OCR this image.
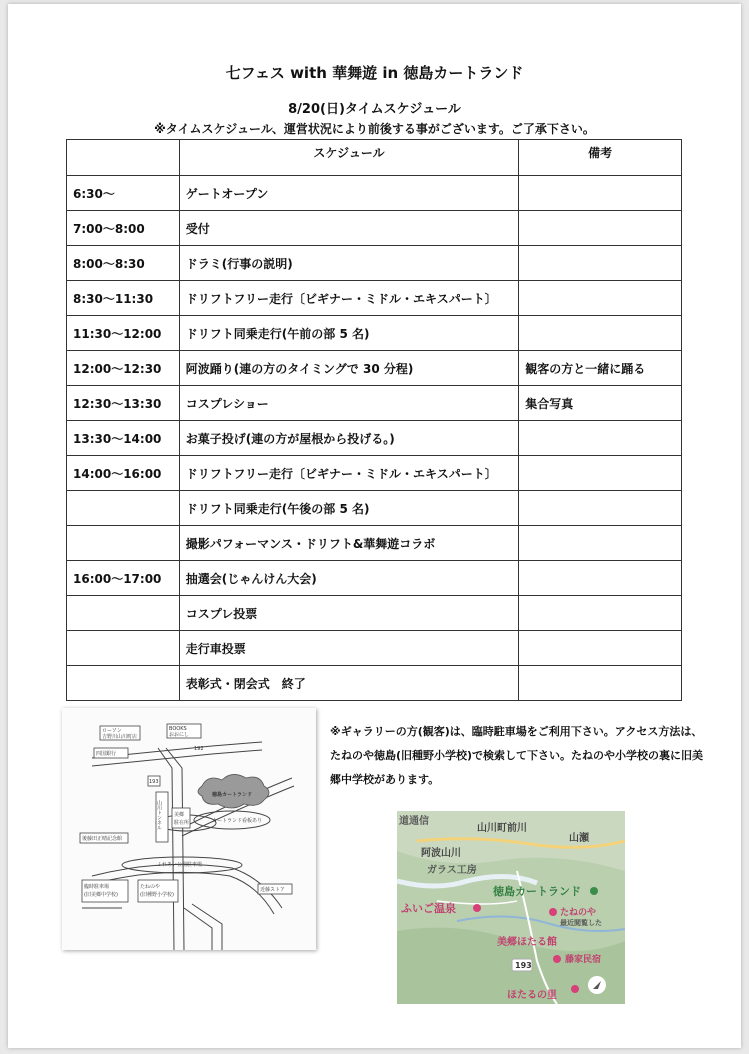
七フェス with 華舞遊 in 徳島カートランド
8/20(日)タイムスケジュール
※タイムスケジュール、運営状況により前後する事がございます。ご了承下さい。
	スケジュール	備考
6:30～	ゲートオープン	
7:00～8:00	受付	
8:00～8:30	ドラミ(行事の説明)	
8:30～11:30	ドリフトフリー走行〔ビギナー・ミドル・エキスパート〕	
11:30～12:00	ドリフト同乗走行(午前の部 5 名)	
12:00～12:30	阿波踊り(連の方のタイミングで 30 分程)	観客の方と一緒に踊る
12:30～13:30	コスプレショー	集合写真
13:30～14:00	お菓子投げ(連の方が屋根から投げる。)	
14:00～16:00	ドリフトフリー走行〔ビギナー・ミドル・エキスパート〕	
	ドリフト同乗走行(午後の部 5 名)	
	撮影パフォーマンス・ドリフト&華舞遊コラボ	
16:00～17:00	抽選会(じゃんけん大会)	
	コスプレ投票	
	走行車投票	
	表彰式・閉会式　終了	
ローソン
吉野川山川町店
BOOKS
おおにし
192
四国銀行
193
山川トンネル
徳島カートランド
カートランド看板あり
美郷
駐在所
後藤田正晴記念館
ふれあい公園駐車場
臨時駐車場
(旧美郷中学校)
たねのや
(旧種野小学校)
近藤ストア
※ギャラリーの方(観客)は、臨時駐車場をご利用下さい。アクセス方法は、たねのや徳島(旧種野小学校)で検索して下さい。たねのや小学校の裏に旧美郷中学校があります。
道通信
山川町前川
山瀬
阿波山川
ガラス工房
徳島カートランド
ふいご温泉	たねのや
最近閲覧した
美郷ほたる館
藤家民宿
ほたるの里
193
